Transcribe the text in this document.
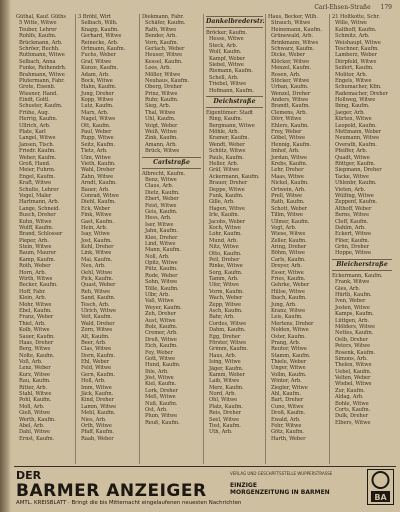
Carl-Ehsen-Straße 179
Güthal, Kauf. Güths
5 Witte, Witwe
Teuber, Lehrer
Rohlfs, Kaufm.
Brückmann, Arb.
Schröer, Buchh.
Ruthmann, Witwe
Selbach, Anna
Funke, Reihendrh.
Brahmann, Witwe
Plutermann, Fabr.
Grote, Eisenb.
Wiesner, Hand.
Eindt, Gottl.
Schuster, Kaufm.
Frühe, Aug.
Herrig, Kaufm.
Ullrich, Arb.
Plate, Karl
Langel, Witwe
Jansen, Tisch.
Friedr. Kaufm.
Weber, Kaufm.
Groß, Hand.
Meier, Fuhrm.
Engel, Kaufm.
Kraft, Witwe
Schulte, Lehrer
Vogel, Maler
Hartmann, Arb.
Lange, Schneid.
Busch, Dreher
Kuhn, Witwe
Wolff, Kaufm.
Brand, Schlosser
Pieper, Arb.
Stein, Witwe
Baum, Maurer
Kamp, Kaufm.
Roth, Weber
Horn, Arb.
Wirth, Witwe
Becker, Kaufm.
Hoff, Fabr.
Klein, Arb.
Mohr, Witwe
Ebel, Kaufm.
Franz, Weber
Thiel, Arb.
Kolb, Witwe
Sauer, Kaufm.
Haas, Dreher
Berg, Witwe
Nolte, Kaufm.
Voß, Arb.
Lenz, Weber
Kurz, Witwe
Rau, Kaufm.
Ritter, Arb.
Stahl, Witwe
Pohl, Kaufm.
Moll, Arb.
Gieß, Witwe
Werth, Kaufm.
Abel, Arb.
Dahl, Witwe
Ernst, Kaufm.
3 Bröhl, Wirt
Selbach, Wilh.
Knapp, Kaufm.
Gerhard, Witwe
Reinecke, Arb.
Ortmann, Kaufm.
Fuchs, Weber
Graf, Witwe
Kunze, Kaufm.
Adam, Arb.
Bock, Witwe
Hahn, Kaufm.
Jung, Dreher
Kopp, Witwe
Lutz, Kaufm.
Marx, Arb.
Nagel, Witwe
Ott, Kaufm.
Paul, Weber
Rupp, Witwe
Seitz, Kaufm.
Tietz, Arb.
Ulm, Witwe
Vieth, Kaufm.
Wahl, Dreher
Zahn, Witwe
Arndt, Kaufm.
Bauer, Arb.
Conrad, Witwe
Diehl, Kaufm.
Eck, Weber
Fink, Witwe
Gast, Kaufm.
Hein, Arb.
Isay, Witwe
Jost, Kaufm.
Kehl, Dreher
Link, Witwe
Mai, Kaufm.
Neu, Arb.
Oehl, Witwe
Pick, Kaufm.
Quast, Weber
Reh, Witwe
Sand, Kaufm.
Tesch, Arb.
Ulrich, Witwe
Veit, Kaufm.
Wald, Dreher
Zorn, Witwe
Alt, Kaufm.
Beer, Arb.
Clas, Witwe
Dorn, Kaufm.
Ehl, Weber
Feld, Witwe
Gern, Kaufm.
Holl, Arb.
Imm, Witwe
Jäck, Kaufm.
Kind, Dreher
Lamm, Witwe
Mehl, Kaufm.
Nies, Arb.
Orth, Witwe
Pfaff, Kaufm.
Raab, Weber
Diekmann, Fabr.
Schäfer, Kaufm.
Rath, Witwe
Bender, Arb.
Vorn, Kaufm.
Gerlach, Weber
Heuser, Witwe
Kessel, Kaufm.
Loos, Arb.
Möller, Witwe
Neuhaus, Kaufm.
Oberg, Dreher
Prinz, Witwe
Ruhr, Kaufm.
Sieg, Arb.
Thal, Witwe
Uhl, Kaufm.
Voigt, Weber
Weiß, Witwe
Zink, Kaufm.
Amann, Arb.
Brück, Witwe
Carlstraße
Albrecht, Kaufm.
Benz, Witwe
Claus, Arb.
Dietz, Kaufm.
Ebert, Weber
Feist, Witwe
Geis, Kaufm.
Hess, Arb.
Iser, Witwe
Jahn, Kaufm.
Klee, Dreher
Lind, Witwe
Mann, Kaufm.
Noll, Arb.
Opitz, Witwe
Pütz, Kaufm.
Rode, Weber
Sohn, Witwe
Tölle, Kaufm.
Ulbr, Arb.
Vaß, Witwe
Weyer, Kaufm.
Zeh, Dreher
Aust, Witwe
Bolz, Kaufm.
Cremer, Arb.
Dreß, Witwe
Eich, Kaufm.
Fey, Weber
Gott, Witwe
Hund, Kaufm.
Ihle, Arb.
Jöst, Witwe
Kiel, Kaufm.
Lork, Dreher
Meß, Witwe
Nuß, Kaufm.
Ost, Arb.
Plum, Witwe
Reuß, Kaufm.
Dankelbrederstr.
Bröcker, Kaufm.
Hesse, Witwe
Steck, Arb.
Wolf, Kaufm.
Kampf, Weber
Siebel, Witwe
Riemann, Kaufm.
Schell, Arb.
Triebel, Witwe
Hofmann, Kaufm.
Deichstraße
Eigentümer: Stadt
Ring, Kaufm.
Bergmann, Witwe
Möhle, Arb.
Kramer, Kaufm.
Wendt, Weber
Schütz, Witwe
Pauls, Kaufm.
Heller, Arb.
Gräf, Witwe
Ackermann, Kaufm.
Brauer, Dreher
Deppe, Witwe
Funk, Kaufm.
Gille, Arb.
Hagen, Witwe
Irle, Kaufm.
Jacobs, Weber
Koch, Witwe
Lohr, Kaufm.
Mund, Arb.
Nitz, Witwe
Otto, Kaufm.
Peil, Dreher
Rinke, Witwe
Sorg, Kaufm.
Tamm, Arb.
Ufer, Witwe
Vorm, Kaufm.
Wach, Weber
Zepp, Witwe
Asch, Kaufm.
Bahr, Arb.
Cordes, Witwe
Dahm, Kaufm.
Egg, Dreher
Förster, Witwe
Grimm, Kaufm.
Haus, Arb.
Ising, Witwe
Jäger, Kaufm.
Kamm, Weber
Laib, Witwe
Merz, Kaufm.
Nord, Arb.
Ohl, Witwe
Platz, Kaufm.
Reis, Dreher
Seel, Witwe
Tost, Kaufm.
Uth, Arb.
Haus, Becker, Wilh.
Strauch, Witwe
Heinemann, Kaufm.
Grünewald, Arb.
Brinkmann, Witwe
Schwarz, Kaufm.
Dicke, Weber
Klöcker, Witwe
Menzel, Kaufm.
Rosen, Arb.
Stöcker, Witwe
Urban, Kaufm.
Wenzel, Dreher
Anders, Witwe
Brandt, Kaufm.
Clemens, Arb.
Dörr, Witwe
Ehlers, Kaufm.
Frey, Weber
Göbel, Witwe
Hennig, Kaufm.
Imhof, Arb.
Jordan, Witwe
Krebs, Kaufm.
Lehr, Dreher
Maas, Witwe
Nickel, Kaufm.
Ortwein, Arb.
Prell, Witwe
Rath, Kaufm.
Schott, Weber
Tillm, Witwe
Ullmer, Kaufm.
Vogt, Arb.
Wiese, Witwe
Zeller, Kaufm.
Aring, Dreher
Böhm, Witwe
Carls, Kaufm.
Dreyer, Arb.
Esser, Witwe
Fries, Kaufm.
Gehrke, Weber
Hülse, Witwe
Ibach, Kaufm.
Jung, Arb.
Kranz, Witwe
Leis, Kaufm.
Mertens, Dreher
Nolden, Witwe
Oster, Kaufm.
Prang, Arb.
Reuter, Witwe
Stamm, Kaufm.
Thiele, Weber
Unger, Witwe
Vollm, Kaufm.
Winter, Arb.
Ziegler, Witwe
Ahl, Kaufm.
Bart, Dreher
Cuno, Witwe
Droß, Kaufm.
Ewald, Arb.
Fehr, Witwe
Götz, Kaufm.
Harth, Weber
21 Holtkotte, Schr.
Wille, Witwe
Kalthoff, Kaufm.
Schmitz, Arb.
Weishaupt, Witwe
Teschner, Kaufm.
Lamberz, Weber
Dörpfeld, Witwe
Seifert, Kaufm.
Molitor, Arb.
Engels, Witwe
Schumacher, Kfm.
Rademacher, Dreher
Hollweg, Witwe
Ibing, Kaufm.
Jaeger, Arb.
Kürten, Witwe
Leopold, Kaufm.
Mettmann, Weber
Neumann, Witwe
Overath, Kaufm.
Pfeiffer, Arb.
Quadt, Witwe
Röttger, Kaufm.
Siepmann, Dreher
Tacke, Witwe
Uhlenbr, Kaufm.
Vieten, Arb.
Wülfing, Witwe
Zeppenf, Kaufm.
Althoff, Weber
Berns, Witwe
Cleff, Kaufm.
Dahlm, Arb.
Eckert, Witwe
Flöer, Kaufm.
Grün, Dreher
Hoppe, Witwe
Bleicherstraße
Eckermann, Kaufm.
Frank, Witwe
Gies, Arb.
Hürth, Kaufm.
Iven, Weber
Josten, Witwe
Kamps, Kaufm.
Lüttgen, Arb.
Mölders, Witwe
Nettes, Kaufm.
Oelb, Dreher
Peters, Witwe
Rosenk, Kaufm.
Simons, Arb.
Thelen, Witwe
Uebel, Kaufm.
Velten, Weber
Wiebel, Witwe
Zur, Kaufm.
Aldag, Arb.
Bohle, Witwe
Corts, Kaufm.
Dulk, Dreher
Elbers, Witwe
DER
BARMER ANZEIGER
VERLAG UND GESCHÄFTSSTELLE WUPPERSTRASSE
EINZIGE
MORGENZEITUNG IN BARMEN
AMTL. KREISBLATT · Bringt die bis Mitternacht eingelaufenen neuesten Nachrichten
BA
